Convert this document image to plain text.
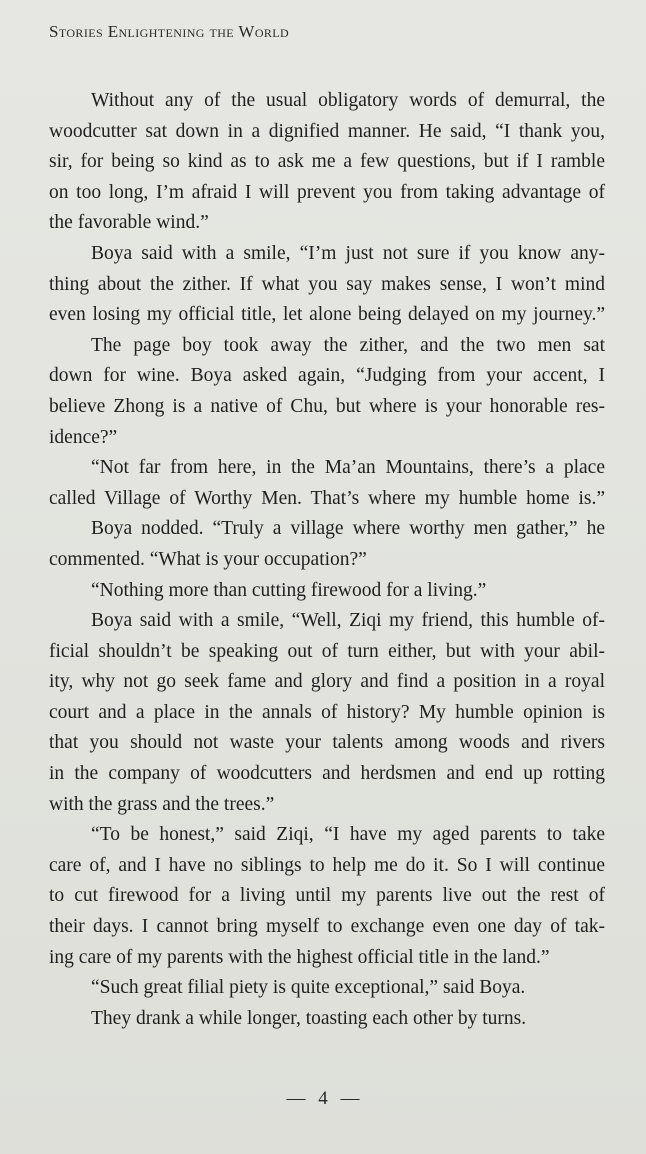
Stories Enlightening the World
Without any of the usual obligatory words of demurral, the
woodcutter sat down in a dignified manner. He said, “I thank you,
sir, for being so kind as to ask me a few questions, but if I ramble
on too long, I’m afraid I will prevent you from taking advantage of
the favorable wind.”
Boya said with a smile, “I’m just not sure if you know any-
thing about the zither. If what you say makes sense, I won’t mind
even losing my official title, let alone being delayed on my journey.”
The page boy took away the zither, and the two men sat
down for wine. Boya asked again, “Judging from your accent, I
believe Zhong is a native of Chu, but where is your honorable res-
idence?”
“Not far from here, in the Ma’an Mountains, there’s a place
called Village of Worthy Men. That’s where my humble home is.”
Boya nodded. “Truly a village where worthy men gather,” he
commented. “What is your occupation?”
“Nothing more than cutting firewood for a living.”
Boya said with a smile, “Well, Ziqi my friend, this humble of-
ficial shouldn’t be speaking out of turn either, but with your abil-
ity, why not go seek fame and glory and find a position in a royal
court and a place in the annals of history? My humble opinion is
that you should not waste your talents among woods and rivers
in the company of woodcutters and herdsmen and end up rotting
with the grass and the trees.”
“To be honest,” said Ziqi, “I have my aged parents to take
care of, and I have no siblings to help me do it. So I will continue
to cut firewood for a living until my parents live out the rest of
their days. I cannot bring myself to exchange even one day of tak-
ing care of my parents with the highest official title in the land.”
“Such great filial piety is quite exceptional,” said Boya.
They drank a while longer, toasting each other by turns.
— 4 —
